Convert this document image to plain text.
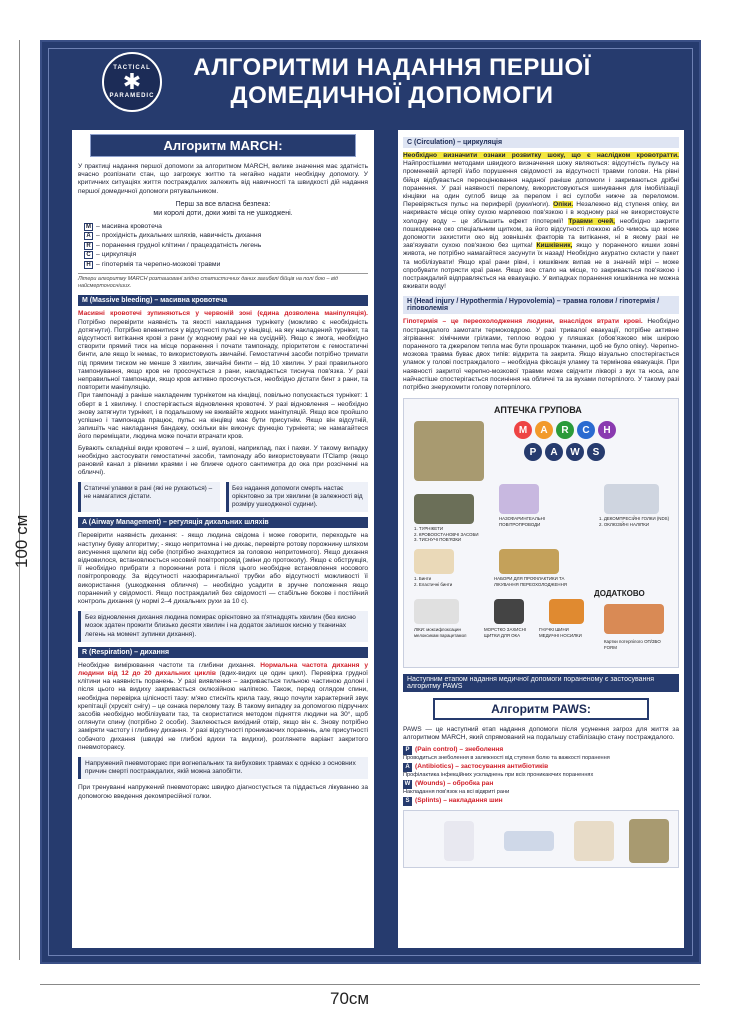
100 см
70см
TACTICAL
✱
PARAMEDIC
АЛГОРИТМИ НАДАННЯ ПЕРШОЇ
ДОМЕДИЧНОЇ ДОПОМОГИ
Алгоритм MARCH:
У практиці надання першої допомоги за алгоритмом MARCH, велике значення має здатність вчасно розпізнати стан, що загрожує життю та негайно надати необхідну допомогу. У критичних ситуаціях життя постраждалих залежить від навичності та швидкості дій надання першої домедичної допомоги рятувальником.
Перш за все власна безпека:
ми королі доти, доки живі та не ушкоджені.
M – масивна кровотеча
A – прохідність дихальних шляхів, навичність дихання
R – поранення грудної клітини / працездатність легень
C – циркуляція
H – гіпотермія та черепно-мозкові травми
Літери алгоритму MARCH розташовані згідно статистичних даних загибелі бійців на полі бою – від найсмертоносніших.
M (Massive bleeding) – масивна кровотеча
Масивні кровотечі зупиняються у червоній зоні (єдина дозволена маніпуляція). Потрібно перевірити наявність та якості накладання турнікету (можливо є необхідність дотягнути). Потрібно впевнитися у відсутності пульсу у кінцівці, на яку накладений турнікет, та відсутності витікання крові з рани (у жодному разі не на сусідній). Якщо є змога, необхідно створити прямий тиск на місце поранення і почати тампонаду, пріоритетом є гемостатичні бинти, але якщо їх немає, то використовують звичайні. Гемостатичні засоби потрібно тримати під прямим тиском не менше 3 хвилин, звичайні бинти – від 10 хвилин. У разі правильного тампонування, якщо кров не просочується з рани, накладається тиснуча пов'язка. У разі неправильної тампонади, якщо кров активно просочується, необхідно дістати бинт з рани, та повторити маніпуляцію.
При тампонаді з раніше накладеним турнікетом на кінцівці, повільно попускається турнікет: 1 оберт в 1 хвилину. І спостерігається відновлення кровотечі. У разі відновлення – необхідно знову затягнути турнікет, і в подальшому не вживайте жодних маніпуляцій. Якщо все пройшло успішно і тампонада працює, пульс на кінцівці має бути присутнім. Якщо він відсутній, запишіть час накладання бандажу, оскільки він виконує функцію турнікета; не намагайтеся його переміщати, людина може почати втрачати кров.
Бувають складніші види кровотечі – з шиї, вузлові, наприклад, пах і пахви. У такому випадку необхідно застосувати гемостатичні засоби, тампонаду або використовувати ITClamp (якщо рановий канал з рівними краями і не ближче одного сантиметра до ока при розсіченні на обличчі).
Статичні уламки в рані (які не рухаються) – не намагатися дістати.
Без надання допомоги смерть настає орієнтовно за три хвилини (в залежності від розміру ушкодженої судини).
A (Airway Management) – регуляція дихальних шляхів
Перевірити наявність дихання: - якщо людина свідома і може говорити, переходьте на наступну букву алгоритму; - якщо непритомна і не дихає, перевірте ротову порожнину шляхом висунення щелепи від себе (потрібно знаходитися за головою непритомного). Якщо дихання відновилося, встановлюється носовий повітропровід (зміни до протоколу). Якщо є обструкція, її необхідно прибрати з порожнини рота і після цього необхідне встановлення носового повітропроводу. За відсутності назофарингальної трубки або відсутності можливості її використання (ушкодження обличчя) – необхідно усадити в зручне положення якщо поранений у свідомості. Якщо постраждалий без свідомості — стабільне бокове і постійний контроль дихання (у нормі 2–4 дихальних рухи за 10 с).
Без відновлення дихання людина помирає орієнтовно за п'ятнадцять хвилин (без кисню мозок здатен прожити близько десяти хвилин і на додаток залишок кисню у тканинах легень на момент зупинки дихання).
R (Respiration) – дихання
Необхідне вимірювання частоти та глибини дихання. Нормальна частота дихання у людини від 12 до 20 дихальних циклів (вдих-видих це один цикл). Перевірка грудної клітини на наявність поранень. У разі виявлення – закривається тильною частиною долоні і після цього на видиху закривається оклюзійною наліпкою. Також, перед оглядом спини, необхідна перевірка цілісності тазу: м'яко стиснїть крила тазу, якщо почули характерний звук крепітації (хрускіт снігу) – це ознака перелому тазу. В такому випадку за допомогою підручних засобів необхідно мобілізувати таз, та скористатися методом підняття людини на 30°, щоб оглянути спину (потрібно 2 особи). Заклеюється вихідний отвір, якщо він є. Знову потрібно заміряти частоту і глибину дихання. У разі відсутності проникаючих поранень, але присутності собачого дихання (швидкі не глибокі вдихи та видихи), розглянете варіант закритого пневмотораксу.
Напружений пневмоторакс при вогнепальних та вибухових травмах є однією з основних причин смерті постраждалих, якій можна запобігти.
При тренуванні напружений пневмоторакс швидко діагностується та піддається лікуванню за допомогою введення декомпресійної голки.
C (Circulation) – циркуляція
Необхідно визначити ознаки розвитку шоку, що є наслідком кровотратти. Найпростішими методами швидкого визначення шоку являються: відсутність пульсу на променевій артерії і/або порушення свідомості за відсутності травми голови. На рівні бійця відбувається переоцінювання наданої раніше допомоги і закриваються дрібні поранення. У разі наявності перелому, використовуються шинування для імобілізації кінцівки на один суглоб вище за перелом і всі суглоби нижче за переломом. Перевіряється пульс на периферії (руки/ноги). Опіки. Незалежно від ступеня опіку, ви накриваєте місце опіку сухою марлевою пов'язкою і в жодному разі не використовуєте холодну воду – це збільшить ефект гіпотермії! Травми очей, необхідно закрити пошкоджене око спеціальним щитком, за його відсутності ложкою або чимось що може допомогти захистити око від зовнішніх факторів та витікання, ні в якому разі не зав'язувати сухою пов'язкою без щитка! Кишківник, якщо у пораненого кишки зовні живота, не потрібно намагайтеся засунути їх назад! Необхідно акуратно скласти у пакет та мобілізувати! Якщо краї рани рівні, і кишківник випав не в значній мірі – може спробувати потрясти краї рани. Якщо все стало на місце, то закривається пов'язкою і постраждалий відправляється на евакуацію. У випадках поранення кишківника не можна вживати воду!
H (Head injury / Hypothermia / Hypovolemia) – травма голови / гіпотермія / гіповолемія
Гіпотермія – це переохолодження людини, внаслідок втрати крові. Необхідно постраждалого замотати термоковдрою. У разі тривалої евакуації, потрібне активне зігрівання: хімічними грілками, теплою водою у пляшках (обов'язково між шкірою пораненого та джерелом тепла має бути прошарок тканини, щоб не було опіку). Черепно-мозкова травма буває двох типів: відкрита та закрита. Якщо візуально спостерігається уламок у голові постраждалого – необхідна фіксація уламку та термінова евакуація. При наявності закритої черепно-мозкової травми може свідчити лікворі з вух та носа, але найчастіше спостерігається посиніння на обличчі та за вухами потерпілого. У такому разі потрібно знерухомити голову потерпілого.
АПТЕЧКА ГРУПОВА
M	A	R	C	H
P	A	W	S
ДОДАТКОВО
1. ТУРНІКЕТИ
2. КРОВООСТАНОВЧІ ЗАСОБИ
3. ТИСНУЧІ ПОВ'ЯЗКИ
НАЗОФАРИНГЕАЛЬНІ ПОВІТРОПРОВОДИ
1. ДЕКОМПРЕСІЙНІ ГОЛКИ (NDS)
2. ОКЛЮЗІЙНІ НАЛІПКИ
1. Бинти
2. Еластичні бинти
НАБОРИ ДЛЯ ПРОФІЛАКТИКИ ТА ЛІКУВАННЯ ПЕРЕОХОЛОДЖЕННЯ
ЛІКИ: моксифлоксацин мелоксикам парацетамол
МОРСТКО ЗАХИСНІ ЩИТКИ ДЛЯ ОКА
ГНУЧКІ ШИНИ МЕДИЧНІ НОСИЛКИ
Картки потерпілого ОП/ЗБО FORM
Наступним етапом надання медичної допомоги пораненому є застосування алгоритму PAWS
Алгоритм PAWS:
PAWS — це наступний етап надання допомоги після усунення загроз для життя за алгоритмом MARCH, який спрямований на подальшу стабілізацію стану постраждалого.
P (Pain control) – знеболення
Проводиться знеболення в залежності від ступеня болю та важкості поранення
A (Antibiotics) – застосування антибіотиків
Профілактика інфекційних ускладнень при всіх проникаючих пораненнях
W (Wounds) – обробка ран
Накладання пов'язок на всі відкриті рани
S (Splints) – накладання шин
